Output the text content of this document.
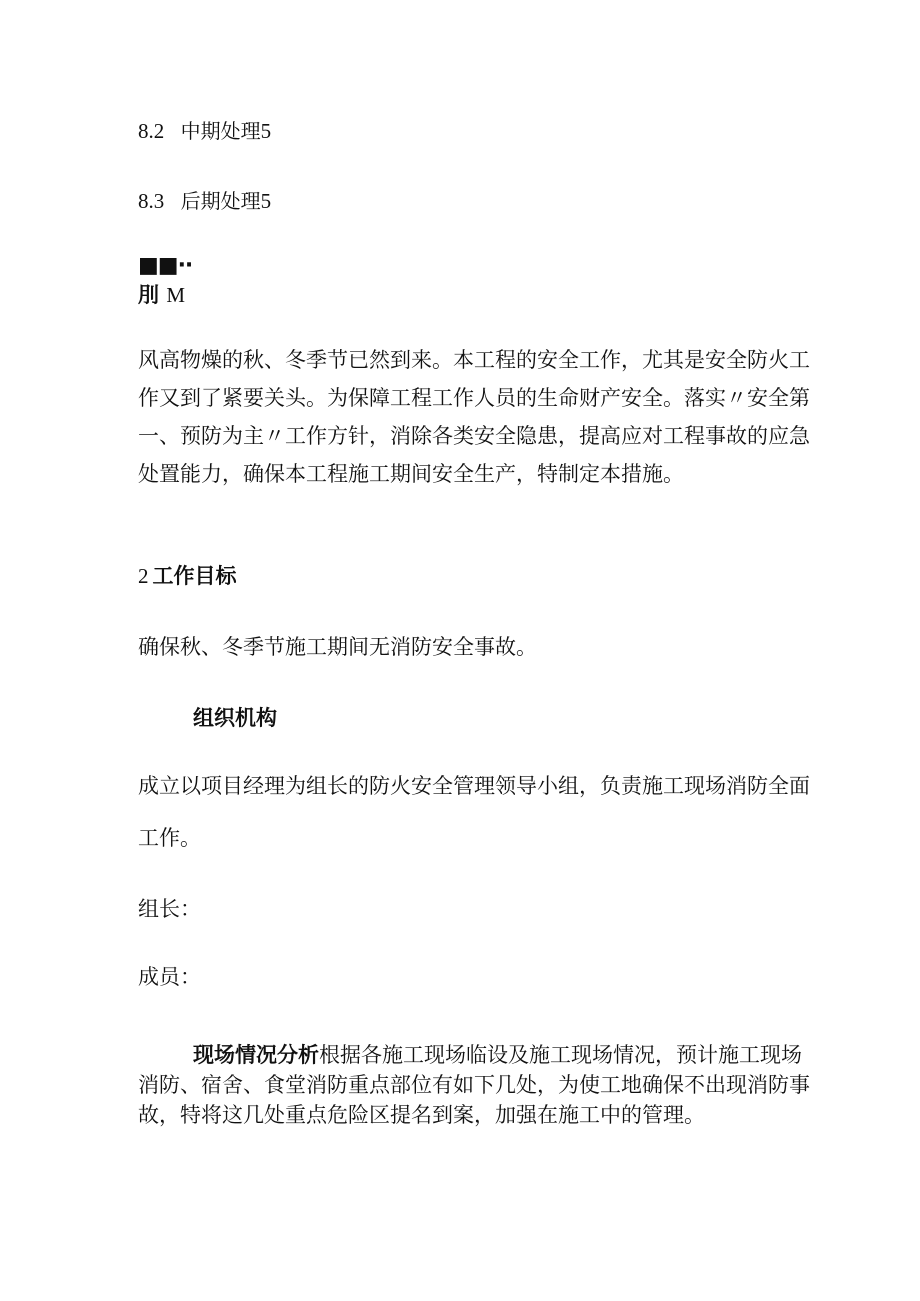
8.2 中期处理5
8.3 后期处理5
■■··
刖 M
风高物燥的秋、冬季节已然到来。本工程的安全工作，尤其是安全防火工
作又到了紧要关头。为保障工程工作人员的生命财产安全。落实〃安全第
一、预防为主〃工作方针，消除各类安全隐患，提高应对工程事故的应急
处置能力，确保本工程施工期间安全生产，特制定本措施。
2 工作目标
确保秋、冬季节施工期间无消防安全事故。
组织机构
成立以项目经理为组长的防火安全管理领导小组，负责施工现场消防全面
工作。
组长：
成员：
现场情况分析根据各施工现场临设及施工现场情况，预计施工现场
消防、宿舍、食堂消防重点部位有如下几处，为使工地确保不出现消防事
故，特将这几处重点危险区提名到案，加强在施工中的管理。
